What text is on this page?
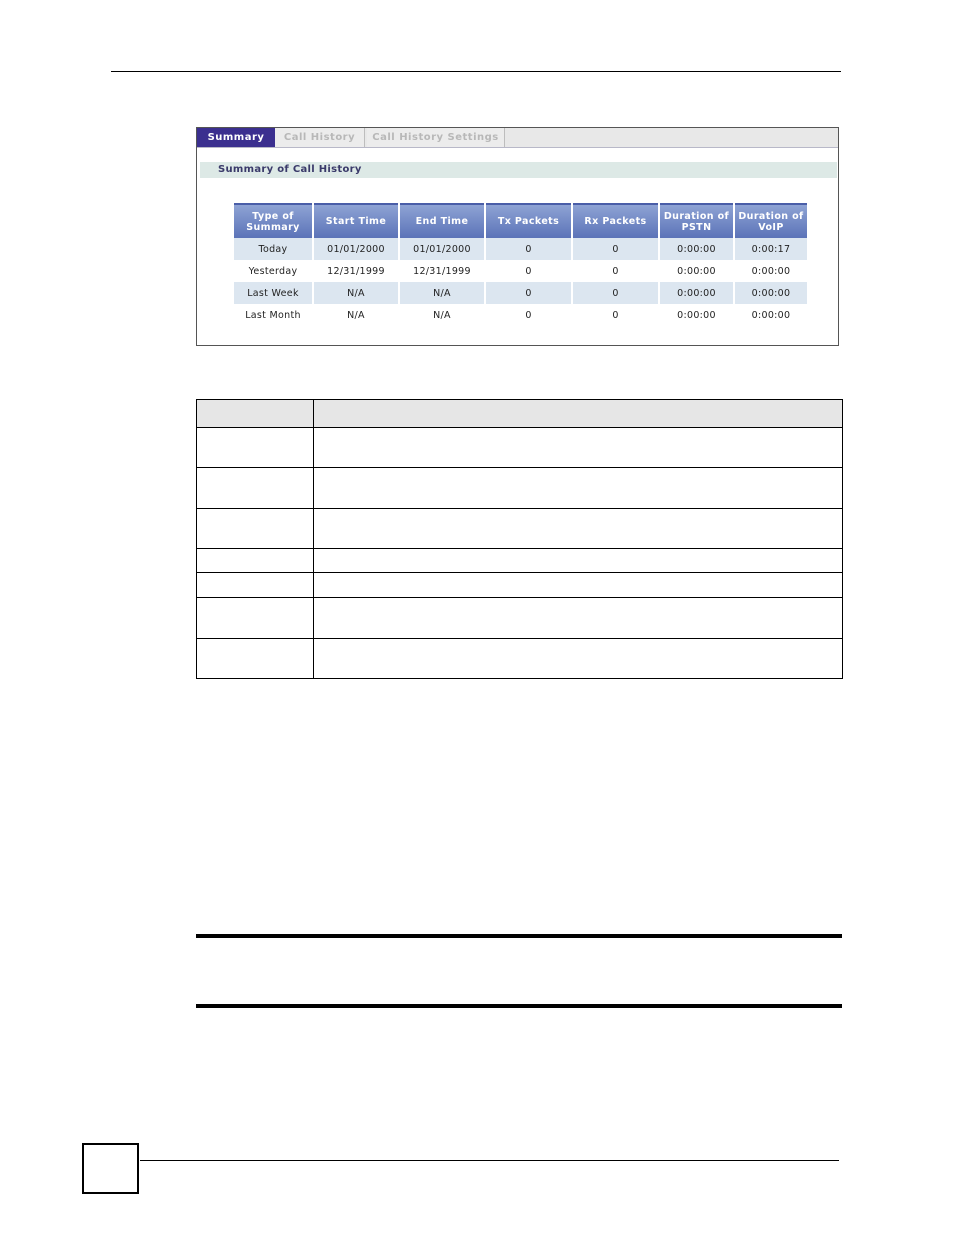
Summary	Call History	Call History Settings
Summary of Call History
Type of Summary	Start Time	End Time	Tx Packets	Rx Packets	Duration of PSTN	Duration of VoIP
Today	01/01/2000	01/01/2000	0	0	0:00:00	0:00:17
Yesterday	12/31/1999	12/31/1999	0	0	0:00:00	0:00:00
Last Week	N/A	N/A	0	0	0:00:00	0:00:00
Last Month	N/A	N/A	0	0	0:00:00	0:00:00
